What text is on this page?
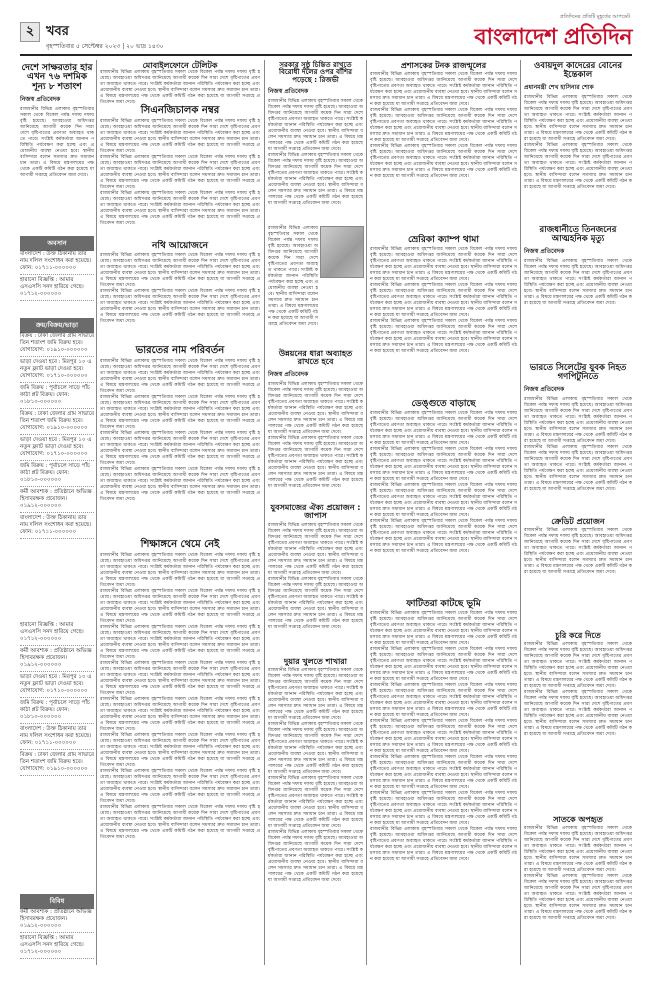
২ খবর
বৃহস্পতিবার ৫ সেপ্টেম্বর ২০২৩ | ২০ ভাদ্র ১৪৩০
প্রতিদিনের প্রতিটি মুহূর্তের আপডেট
বাংলাদেশ প্রতিদিন
দেশে সাক্ষরতার হার এখন ৭৬ দশমিক শূন্য ৮ শতাংশ
নিজস্ব প্রতিবেদক
রাজধানীর বিভিন্ন এলাকায় বৃহস্পতিবার সকাল থেকে বিকেল পর্যন্ত দফায় দফায় বৃষ্টি হয়েছে। আবহাওয়া অধিদপ্তর জানিয়েছে আগামী কয়েক দিন সারা দেশে বৃষ্টিপাতের প্রবণতা অব্যাহত থাকতে পারে। সংশ্লিষ্ট কর্মকর্তারা জানান পরিস্থিতি পর্যবেক্ষণ করা হচ্ছে এবং প্রয়োজনীয় ব্যবস্থা নেওয়া হবে। স্থানীয় বাসিন্দারা বলেন সমস্যার দ্রুত সমাধান চান তারা। এ বিষয়ে মন্ত্রণালয়ের পক্ষ থেকে একটি কমিটি গঠন করা হয়েছে যা আগামী সপ্তাহে প্রতিবেদন জমা দেবে।
অবসান
বাংলাদেশ : উক্ত ঠিকানায় তার নাম দলিল সংশোধন করা হয়েছে। ফোন: ০১৭১১-০০০০০০
হারানো বিজ্ঞপ্তি : আমার এসএসসি সনদ হারিয়ে গেছে। ০১৭১২-০০০০০০
ক্রয়/বিক্রয়/ভাড়া
বিক্রয় : ঢাকা জেলার গ্রাম সাভারে তিন শতাংশ জমি বিক্রয় হবে। যোগাযোগ: ০১৯১০-০০০০০০
ভাড়া দেওয়া হবে : মিরপুর ১০ এ নতুন ফ্ল্যাট ভাড়া দেওয়া হবে। যোগাযোগ: ০১৭১০-০০০০০০
জমি বিক্রয় : পূর্বাচলে সাড়ে পাঁচ কাঠা প্লট বিক্রয়। ফোন: ০১৮১০-০০০০০০
বিক্রয় : ঢাকা জেলার গ্রাম সাভারে তিন শতাংশ জমি বিক্রয় হবে। যোগাযোগ: ০১৯১০-০০০০০০
ভাড়া দেওয়া হবে : মিরপুর ১০ এ নতুন ফ্ল্যাট ভাড়া দেওয়া হবে। যোগাযোগ: ০১৭১০-০০০০০০
জমি বিক্রয় : পূর্বাচলে সাড়ে পাঁচ কাঠা প্লট বিক্রয়। ফোন: ০১৮১০-০০০০০০
কর্মী আবশ্যক : প্রতিষ্ঠানে অভিজ্ঞ হিসাবরক্ষক প্রয়োজন। ০১৯১২-০০০০০০
বাংলাদেশ : উক্ত ঠিকানায় তার নাম দলিল সংশোধন করা হয়েছে। ফোন: ০১৭১১-০০০০০০
হারানো বিজ্ঞপ্তি : আমার এসএসসি সনদ হারিয়ে গেছে। ০১৭১২-০০০০০০
কর্মী আবশ্যক : প্রতিষ্ঠানে অভিজ্ঞ হিসাবরক্ষক প্রয়োজন। ০১৯১২-০০০০০০
ভাড়া দেওয়া হবে : মিরপুর ১০ এ নতুন ফ্ল্যাট ভাড়া দেওয়া হবে। যোগাযোগ: ০১৭১০-০০০০০০
জমি বিক্রয় : পূর্বাচলে সাড়ে পাঁচ কাঠা প্লট বিক্রয়। ফোন: ০১৮১০-০০০০০০
বাংলাদেশ : উক্ত ঠিকানায় তার নাম দলিল সংশোধন করা হয়েছে। ফোন: ০১৭১১-০০০০০০
বিক্রয় : ঢাকা জেলার গ্রাম সাভারে তিন শতাংশ জমি বিক্রয় হবে। যোগাযোগ: ০১৯১০-০০০০০০
বিবিধ
কর্মী আবশ্যক : প্রতিষ্ঠানে অভিজ্ঞ হিসাবরক্ষক প্রয়োজন। ০১৯১২-০০০০০০
হারানো বিজ্ঞপ্তি : আমার এসএসসি সনদ হারিয়ে গেছে। ০১৭১২-০০০০০০
মোবাইলফোনে টেলিটক
রাজধানীর বিভিন্ন এলাকায় বৃহস্পতিবার সকাল থেকে বিকেল পর্যন্ত দফায় দফায় বৃষ্টি হয়েছে। আবহাওয়া অধিদপ্তর জানিয়েছে আগামী কয়েক দিন সারা দেশে বৃষ্টিপাতের প্রবণতা অব্যাহত থাকতে পারে। সংশ্লিষ্ট কর্মকর্তারা জানান পরিস্থিতি পর্যবেক্ষণ করা হচ্ছে এবং প্রয়োজনীয় ব্যবস্থা নেওয়া হবে। স্থানীয় বাসিন্দারা বলেন সমস্যার দ্রুত সমাধান চান তারা। এ বিষয়ে মন্ত্রণালয়ের পক্ষ থেকে একটি কমিটি গঠন করা হয়েছে যা আগামী সপ্তাহে প্রতিবেদন জমা দেবে।
সিএনজিচালক নম্বর
রাজধানীর বিভিন্ন এলাকায় বৃহস্পতিবার সকাল থেকে বিকেল পর্যন্ত দফায় দফায় বৃষ্টি হয়েছে। আবহাওয়া অধিদপ্তর জানিয়েছে আগামী কয়েক দিন সারা দেশে বৃষ্টিপাতের প্রবণতা অব্যাহত থাকতে পারে। সংশ্লিষ্ট কর্মকর্তারা জানান পরিস্থিতি পর্যবেক্ষণ করা হচ্ছে এবং প্রয়োজনীয় ব্যবস্থা নেওয়া হবে। স্থানীয় বাসিন্দারা বলেন সমস্যার দ্রুত সমাধান চান তারা। এ বিষয়ে মন্ত্রণালয়ের পক্ষ থেকে একটি কমিটি গঠন করা হয়েছে যা আগামী সপ্তাহে প্রতিবেদন জমা দেবে।
রাজধানীর বিভিন্ন এলাকায় বৃহস্পতিবার সকাল থেকে বিকেল পর্যন্ত দফায় দফায় বৃষ্টি হয়েছে। আবহাওয়া অধিদপ্তর জানিয়েছে আগামী কয়েক দিন সারা দেশে বৃষ্টিপাতের প্রবণতা অব্যাহত থাকতে পারে। সংশ্লিষ্ট কর্মকর্তারা জানান পরিস্থিতি পর্যবেক্ষণ করা হচ্ছে এবং প্রয়োজনীয় ব্যবস্থা নেওয়া হবে। স্থানীয় বাসিন্দারা বলেন সমস্যার দ্রুত সমাধান চান তারা। এ বিষয়ে মন্ত্রণালয়ের পক্ষ থেকে একটি কমিটি গঠন করা হয়েছে যা আগামী সপ্তাহে প্রতিবেদন জমা দেবে।
রাজধানীর বিভিন্ন এলাকায় বৃহস্পতিবার সকাল থেকে বিকেল পর্যন্ত দফায় দফায় বৃষ্টি হয়েছে। আবহাওয়া অধিদপ্তর জানিয়েছে আগামী কয়েক দিন সারা দেশে বৃষ্টিপাতের প্রবণতা অব্যাহত থাকতে পারে। সংশ্লিষ্ট কর্মকর্তারা জানান পরিস্থিতি পর্যবেক্ষণ করা হচ্ছে এবং প্রয়োজনীয় ব্যবস্থা নেওয়া হবে। স্থানীয় বাসিন্দারা বলেন সমস্যার দ্রুত সমাধান চান তারা। এ বিষয়ে মন্ত্রণালয়ের পক্ষ থেকে একটি কমিটি গঠন করা হয়েছে যা আগামী সপ্তাহে প্রতিবেদন জমা দেবে।
নথি আয়োজনে
রাজধানীর বিভিন্ন এলাকায় বৃহস্পতিবার সকাল থেকে বিকেল পর্যন্ত দফায় দফায় বৃষ্টি হয়েছে। আবহাওয়া অধিদপ্তর জানিয়েছে আগামী কয়েক দিন সারা দেশে বৃষ্টিপাতের প্রবণতা অব্যাহত থাকতে পারে। সংশ্লিষ্ট কর্মকর্তারা জানান পরিস্থিতি পর্যবেক্ষণ করা হচ্ছে এবং প্রয়োজনীয় ব্যবস্থা নেওয়া হবে। স্থানীয় বাসিন্দারা বলেন সমস্যার দ্রুত সমাধান চান তারা। এ বিষয়ে মন্ত্রণালয়ের পক্ষ থেকে একটি কমিটি গঠন করা হয়েছে যা আগামী সপ্তাহে প্রতিবেদন জমা দেবে।
রাজধানীর বিভিন্ন এলাকায় বৃহস্পতিবার সকাল থেকে বিকেল পর্যন্ত দফায় দফায় বৃষ্টি হয়েছে। আবহাওয়া অধিদপ্তর জানিয়েছে আগামী কয়েক দিন সারা দেশে বৃষ্টিপাতের প্রবণতা অব্যাহত থাকতে পারে। সংশ্লিষ্ট কর্মকর্তারা জানান পরিস্থিতি পর্যবেক্ষণ করা হচ্ছে এবং প্রয়োজনীয় ব্যবস্থা নেওয়া হবে। স্থানীয় বাসিন্দারা বলেন সমস্যার দ্রুত সমাধান চান তারা। এ বিষয়ে মন্ত্রণালয়ের পক্ষ থেকে একটি কমিটি গঠন করা হয়েছে যা আগামী সপ্তাহে প্রতিবেদন জমা দেবে।
ভারতের নাম পরিবর্তন
রাজধানীর বিভিন্ন এলাকায় বৃহস্পতিবার সকাল থেকে বিকেল পর্যন্ত দফায় দফায় বৃষ্টি হয়েছে। আবহাওয়া অধিদপ্তর জানিয়েছে আগামী কয়েক দিন সারা দেশে বৃষ্টিপাতের প্রবণতা অব্যাহত থাকতে পারে। সংশ্লিষ্ট কর্মকর্তারা জানান পরিস্থিতি পর্যবেক্ষণ করা হচ্ছে এবং প্রয়োজনীয় ব্যবস্থা নেওয়া হবে। স্থানীয় বাসিন্দারা বলেন সমস্যার দ্রুত সমাধান চান তারা। এ বিষয়ে মন্ত্রণালয়ের পক্ষ থেকে একটি কমিটি গঠন করা হয়েছে যা আগামী সপ্তাহে প্রতিবেদন জমা দেবে।
রাজধানীর বিভিন্ন এলাকায় বৃহস্পতিবার সকাল থেকে বিকেল পর্যন্ত দফায় দফায় বৃষ্টি হয়েছে। আবহাওয়া অধিদপ্তর জানিয়েছে আগামী কয়েক দিন সারা দেশে বৃষ্টিপাতের প্রবণতা অব্যাহত থাকতে পারে। সংশ্লিষ্ট কর্মকর্তারা জানান পরিস্থিতি পর্যবেক্ষণ করা হচ্ছে এবং প্রয়োজনীয় ব্যবস্থা নেওয়া হবে। স্থানীয় বাসিন্দারা বলেন সমস্যার দ্রুত সমাধান চান তারা। এ বিষয়ে মন্ত্রণালয়ের পক্ষ থেকে একটি কমিটি গঠন করা হয়েছে যা আগামী সপ্তাহে প্রতিবেদন জমা দেবে।
রাজধানীর বিভিন্ন এলাকায় বৃহস্পতিবার সকাল থেকে বিকেল পর্যন্ত দফায় দফায় বৃষ্টি হয়েছে। আবহাওয়া অধিদপ্তর জানিয়েছে আগামী কয়েক দিন সারা দেশে বৃষ্টিপাতের প্রবণতা অব্যাহত থাকতে পারে। সংশ্লিষ্ট কর্মকর্তারা জানান পরিস্থিতি পর্যবেক্ষণ করা হচ্ছে এবং প্রয়োজনীয় ব্যবস্থা নেওয়া হবে। স্থানীয় বাসিন্দারা বলেন সমস্যার দ্রুত সমাধান চান তারা। এ বিষয়ে মন্ত্রণালয়ের পক্ষ থেকে একটি কমিটি গঠন করা হয়েছে যা আগামী সপ্তাহে প্রতিবেদন জমা দেবে।
রাজধানীর বিভিন্ন এলাকায় বৃহস্পতিবার সকাল থেকে বিকেল পর্যন্ত দফায় দফায় বৃষ্টি হয়েছে। আবহাওয়া অধিদপ্তর জানিয়েছে আগামী কয়েক দিন সারা দেশে বৃষ্টিপাতের প্রবণতা অব্যাহত থাকতে পারে। সংশ্লিষ্ট কর্মকর্তারা জানান পরিস্থিতি পর্যবেক্ষণ করা হচ্ছে এবং প্রয়োজনীয় ব্যবস্থা নেওয়া হবে। স্থানীয় বাসিন্দারা বলেন সমস্যার দ্রুত সমাধান চান তারা। এ বিষয়ে মন্ত্রণালয়ের পক্ষ থেকে একটি কমিটি গঠন করা হয়েছে যা আগামী সপ্তাহে প্রতিবেদন জমা দেবে।
শিক্ষাঙ্গনে থেমে নেই
রাজধানীর বিভিন্ন এলাকায় বৃহস্পতিবার সকাল থেকে বিকেল পর্যন্ত দফায় দফায় বৃষ্টি হয়েছে। আবহাওয়া অধিদপ্তর জানিয়েছে আগামী কয়েক দিন সারা দেশে বৃষ্টিপাতের প্রবণতা অব্যাহত থাকতে পারে। সংশ্লিষ্ট কর্মকর্তারা জানান পরিস্থিতি পর্যবেক্ষণ করা হচ্ছে এবং প্রয়োজনীয় ব্যবস্থা নেওয়া হবে। স্থানীয় বাসিন্দারা বলেন সমস্যার দ্রুত সমাধান চান তারা। এ বিষয়ে মন্ত্রণালয়ের পক্ষ থেকে একটি কমিটি গঠন করা হয়েছে যা আগামী সপ্তাহে প্রতিবেদন জমা দেবে।
রাজধানীর বিভিন্ন এলাকায় বৃহস্পতিবার সকাল থেকে বিকেল পর্যন্ত দফায় দফায় বৃষ্টি হয়েছে। আবহাওয়া অধিদপ্তর জানিয়েছে আগামী কয়েক দিন সারা দেশে বৃষ্টিপাতের প্রবণতা অব্যাহত থাকতে পারে। সংশ্লিষ্ট কর্মকর্তারা জানান পরিস্থিতি পর্যবেক্ষণ করা হচ্ছে এবং প্রয়োজনীয় ব্যবস্থা নেওয়া হবে। স্থানীয় বাসিন্দারা বলেন সমস্যার দ্রুত সমাধান চান তারা। এ বিষয়ে মন্ত্রণালয়ের পক্ষ থেকে একটি কমিটি গঠন করা হয়েছে যা আগামী সপ্তাহে প্রতিবেদন জমা দেবে।
রাজধানীর বিভিন্ন এলাকায় বৃহস্পতিবার সকাল থেকে বিকেল পর্যন্ত দফায় দফায় বৃষ্টি হয়েছে। আবহাওয়া অধিদপ্তর জানিয়েছে আগামী কয়েক দিন সারা দেশে বৃষ্টিপাতের প্রবণতা অব্যাহত থাকতে পারে। সংশ্লিষ্ট কর্মকর্তারা জানান পরিস্থিতি পর্যবেক্ষণ করা হচ্ছে এবং প্রয়োজনীয় ব্যবস্থা নেওয়া হবে। স্থানীয় বাসিন্দারা বলেন সমস্যার দ্রুত সমাধান চান তারা। এ বিষয়ে মন্ত্রণালয়ের পক্ষ থেকে একটি কমিটি গঠন করা হয়েছে যা আগামী সপ্তাহে প্রতিবেদন জমা দেবে।
রাজধানীর বিভিন্ন এলাকায় বৃহস্পতিবার সকাল থেকে বিকেল পর্যন্ত দফায় দফায় বৃষ্টি হয়েছে। আবহাওয়া অধিদপ্তর জানিয়েছে আগামী কয়েক দিন সারা দেশে বৃষ্টিপাতের প্রবণতা অব্যাহত থাকতে পারে। সংশ্লিষ্ট কর্মকর্তারা জানান পরিস্থিতি পর্যবেক্ষণ করা হচ্ছে এবং প্রয়োজনীয় ব্যবস্থা নেওয়া হবে। স্থানীয় বাসিন্দারা বলেন সমস্যার দ্রুত সমাধান চান তারা। এ বিষয়ে মন্ত্রণালয়ের পক্ষ থেকে একটি কমিটি গঠন করা হয়েছে যা আগামী সপ্তাহে প্রতিবেদন জমা দেবে।
রাজধানীর বিভিন্ন এলাকায় বৃহস্পতিবার সকাল থেকে বিকেল পর্যন্ত দফায় দফায় বৃষ্টি হয়েছে। আবহাওয়া অধিদপ্তর জানিয়েছে আগামী কয়েক দিন সারা দেশে বৃষ্টিপাতের প্রবণতা অব্যাহত থাকতে পারে। সংশ্লিষ্ট কর্মকর্তারা জানান পরিস্থিতি পর্যবেক্ষণ করা হচ্ছে এবং প্রয়োজনীয় ব্যবস্থা নেওয়া হবে। স্থানীয় বাসিন্দারা বলেন সমস্যার দ্রুত সমাধান চান তারা। এ বিষয়ে মন্ত্রণালয়ের পক্ষ থেকে একটি কমিটি গঠন করা হয়েছে যা আগামী সপ্তাহে প্রতিবেদন জমা দেবে।
রাজধানীর বিভিন্ন এলাকায় বৃহস্পতিবার সকাল থেকে বিকেল পর্যন্ত দফায় দফায় বৃষ্টি হয়েছে। আবহাওয়া অধিদপ্তর জানিয়েছে আগামী কয়েক দিন সারা দেশে বৃষ্টিপাতের প্রবণতা অব্যাহত থাকতে পারে। সংশ্লিষ্ট কর্মকর্তারা জানান পরিস্থিতি পর্যবেক্ষণ করা হচ্ছে এবং প্রয়োজনীয় ব্যবস্থা নেওয়া হবে। স্থানীয় বাসিন্দারা বলেন সমস্যার দ্রুত সমাধান চান তারা। এ বিষয়ে মন্ত্রণালয়ের পক্ষ থেকে একটি কমিটি গঠন করা হয়েছে যা আগামী সপ্তাহে প্রতিবেদন জমা দেবে।
রাজধানীর বিভিন্ন এলাকায় বৃহস্পতিবার সকাল থেকে বিকেল পর্যন্ত দফায় দফায় বৃষ্টি হয়েছে। আবহাওয়া অধিদপ্তর জানিয়েছে আগামী কয়েক দিন সারা দেশে বৃষ্টিপাতের প্রবণতা অব্যাহত থাকতে পারে। সংশ্লিষ্ট কর্মকর্তারা জানান পরিস্থিতি পর্যবেক্ষণ করা হচ্ছে এবং প্রয়োজনীয় ব্যবস্থা নেওয়া হবে। স্থানীয় বাসিন্দারা বলেন সমস্যার দ্রুত সমাধান চান তারা। এ বিষয়ে মন্ত্রণালয়ের পক্ষ থেকে একটি কমিটি গঠন করা হয়েছে যা আগামী সপ্তাহে প্রতিবেদন জমা দেবে।
রাজধানীর বিভিন্ন এলাকায় বৃহস্পতিবার সকাল থেকে বিকেল পর্যন্ত দফায় দফায় বৃষ্টি হয়েছে। আবহাওয়া অধিদপ্তর জানিয়েছে আগামী কয়েক দিন সারা দেশে বৃষ্টিপাতের প্রবণতা অব্যাহত থাকতে পারে। সংশ্লিষ্ট কর্মকর্তারা জানান পরিস্থিতি পর্যবেক্ষণ করা হচ্ছে এবং প্রয়োজনীয় ব্যবস্থা নেওয়া হবে। স্থানীয় বাসিন্দারা বলেন সমস্যার দ্রুত সমাধান চান তারা। এ বিষয়ে মন্ত্রণালয়ের পক্ষ থেকে একটি কমিটি গঠন করা হয়েছে যা আগামী সপ্তাহে প্রতিবেদন জমা দেবে।
সরকার সুষ্ঠু চিন্তিত রাখতে বিরোধী দলের ওপর বাঁশির পড়েছে : রিজভী
নিজস্ব প্রতিবেদক
রাজধানীর বিভিন্ন এলাকায় বৃহস্পতিবার সকাল থেকে বিকেল পর্যন্ত দফায় দফায় বৃষ্টি হয়েছে। আবহাওয়া অধিদপ্তর জানিয়েছে আগামী কয়েক দিন সারা দেশে বৃষ্টিপাতের প্রবণতা অব্যাহত থাকতে পারে। সংশ্লিষ্ট কর্মকর্তারা জানান পরিস্থিতি পর্যবেক্ষণ করা হচ্ছে এবং প্রয়োজনীয় ব্যবস্থা নেওয়া হবে। স্থানীয় বাসিন্দারা বলেন সমস্যার দ্রুত সমাধান চান তারা। এ বিষয়ে মন্ত্রণালয়ের পক্ষ থেকে একটি কমিটি গঠন করা হয়েছে যা আগামী সপ্তাহে প্রতিবেদন জমা দেবে।
রাজধানীর বিভিন্ন এলাকায় বৃহস্পতিবার সকাল থেকে বিকেল পর্যন্ত দফায় দফায় বৃষ্টি হয়েছে। আবহাওয়া অধিদপ্তর জানিয়েছে আগামী কয়েক দিন সারা দেশে বৃষ্টিপাতের প্রবণতা অব্যাহত থাকতে পারে। সংশ্লিষ্ট কর্মকর্তারা জানান পরিস্থিতি পর্যবেক্ষণ করা হচ্ছে এবং প্রয়োজনীয় ব্যবস্থা নেওয়া হবে। স্থানীয় বাসিন্দারা বলেন সমস্যার দ্রুত সমাধান চান তারা। এ বিষয়ে মন্ত্রণালয়ের পক্ষ থেকে একটি কমিটি গঠন করা হয়েছে যা আগামী সপ্তাহে প্রতিবেদন জমা দেবে।
রাজধানীর বিভিন্ন এলাকায় বৃহস্পতিবার সকাল থেকে বিকেল পর্যন্ত দফায় দফায় বৃষ্টি হয়েছে। আবহাওয়া অধিদপ্তর জানিয়েছে আগামী কয়েক দিন সারা দেশে বৃষ্টিপাতের প্রবণতা অব্যাহত থাকতে পারে। সংশ্লিষ্ট কর্মকর্তারা জানান পরিস্থিতি পর্যবেক্ষণ করা হচ্ছে এবং প্রয়োজনীয় ব্যবস্থা নেওয়া হবে। স্থানীয় বাসিন্দারা বলেন সমস্যার দ্রুত সমাধান চান তারা। এ বিষয়ে মন্ত্রণালয়ের পক্ষ থেকে একটি কমিটি গঠন করা হয়েছে যা আগামী সপ্তাহে প্রতিবেদন জমা দেবে।
উন্নয়নের ধারা অব্যাহত রাখতে হবে
নিজস্ব প্রতিবেদক
রাজধানীর বিভিন্ন এলাকায় বৃহস্পতিবার সকাল থেকে বিকেল পর্যন্ত দফায় দফায় বৃষ্টি হয়েছে। আবহাওয়া অধিদপ্তর জানিয়েছে আগামী কয়েক দিন সারা দেশে বৃষ্টিপাতের প্রবণতা অব্যাহত থাকতে পারে। সংশ্লিষ্ট কর্মকর্তারা জানান পরিস্থিতি পর্যবেক্ষণ করা হচ্ছে এবং প্রয়োজনীয় ব্যবস্থা নেওয়া হবে। স্থানীয় বাসিন্দারা বলেন সমস্যার দ্রুত সমাধান চান তারা। এ বিষয়ে মন্ত্রণালয়ের পক্ষ থেকে একটি কমিটি গঠন করা হয়েছে যা আগামী সপ্তাহে প্রতিবেদন জমা দেবে।
রাজধানীর বিভিন্ন এলাকায় বৃহস্পতিবার সকাল থেকে বিকেল পর্যন্ত দফায় দফায় বৃষ্টি হয়েছে। আবহাওয়া অধিদপ্তর জানিয়েছে আগামী কয়েক দিন সারা দেশে বৃষ্টিপাতের প্রবণতা অব্যাহত থাকতে পারে। সংশ্লিষ্ট কর্মকর্তারা জানান পরিস্থিতি পর্যবেক্ষণ করা হচ্ছে এবং প্রয়োজনীয় ব্যবস্থা নেওয়া হবে। স্থানীয় বাসিন্দারা বলেন সমস্যার দ্রুত সমাধান চান তারা। এ বিষয়ে মন্ত্রণালয়ের পক্ষ থেকে একটি কমিটি গঠন করা হয়েছে যা আগামী সপ্তাহে প্রতিবেদন জমা দেবে।
যুবসমাজের ঐক্য প্রয়োজন : জাপাস
রাজধানীর বিভিন্ন এলাকায় বৃহস্পতিবার সকাল থেকে বিকেল পর্যন্ত দফায় দফায় বৃষ্টি হয়েছে। আবহাওয়া অধিদপ্তর জানিয়েছে আগামী কয়েক দিন সারা দেশে বৃষ্টিপাতের প্রবণতা অব্যাহত থাকতে পারে। সংশ্লিষ্ট কর্মকর্তারা জানান পরিস্থিতি পর্যবেক্ষণ করা হচ্ছে এবং প্রয়োজনীয় ব্যবস্থা নেওয়া হবে। স্থানীয় বাসিন্দারা বলেন সমস্যার দ্রুত সমাধান চান তারা। এ বিষয়ে মন্ত্রণালয়ের পক্ষ থেকে একটি কমিটি গঠন করা হয়েছে যা আগামী সপ্তাহে প্রতিবেদন জমা দেবে।
রাজধানীর বিভিন্ন এলাকায় বৃহস্পতিবার সকাল থেকে বিকেল পর্যন্ত দফায় দফায় বৃষ্টি হয়েছে। আবহাওয়া অধিদপ্তর জানিয়েছে আগামী কয়েক দিন সারা দেশে বৃষ্টিপাতের প্রবণতা অব্যাহত থাকতে পারে। সংশ্লিষ্ট কর্মকর্তারা জানান পরিস্থিতি পর্যবেক্ষণ করা হচ্ছে এবং প্রয়োজনীয় ব্যবস্থা নেওয়া হবে। স্থানীয় বাসিন্দারা বলেন সমস্যার দ্রুত সমাধান চান তারা। এ বিষয়ে মন্ত্রণালয়ের পক্ষ থেকে একটি কমিটি গঠন করা হয়েছে যা আগামী সপ্তাহে প্রতিবেদন জমা দেবে।
দুয়ার খুলতে শাখারা
রাজধানীর বিভিন্ন এলাকায় বৃহস্পতিবার সকাল থেকে বিকেল পর্যন্ত দফায় দফায় বৃষ্টি হয়েছে। আবহাওয়া অধিদপ্তর জানিয়েছে আগামী কয়েক দিন সারা দেশে বৃষ্টিপাতের প্রবণতা অব্যাহত থাকতে পারে। সংশ্লিষ্ট কর্মকর্তারা জানান পরিস্থিতি পর্যবেক্ষণ করা হচ্ছে এবং প্রয়োজনীয় ব্যবস্থা নেওয়া হবে। স্থানীয় বাসিন্দারা বলেন সমস্যার দ্রুত সমাধান চান তারা। এ বিষয়ে মন্ত্রণালয়ের পক্ষ থেকে একটি কমিটি গঠন করা হয়েছে যা আগামী সপ্তাহে প্রতিবেদন জমা দেবে।
রাজধানীর বিভিন্ন এলাকায় বৃহস্পতিবার সকাল থেকে বিকেল পর্যন্ত দফায় দফায় বৃষ্টি হয়েছে। আবহাওয়া অধিদপ্তর জানিয়েছে আগামী কয়েক দিন সারা দেশে বৃষ্টিপাতের প্রবণতা অব্যাহত থাকতে পারে। সংশ্লিষ্ট কর্মকর্তারা জানান পরিস্থিতি পর্যবেক্ষণ করা হচ্ছে এবং প্রয়োজনীয় ব্যবস্থা নেওয়া হবে। স্থানীয় বাসিন্দারা বলেন সমস্যার দ্রুত সমাধান চান তারা। এ বিষয়ে মন্ত্রণালয়ের পক্ষ থেকে একটি কমিটি গঠন করা হয়েছে যা আগামী সপ্তাহে প্রতিবেদন জমা দেবে।
রাজধানীর বিভিন্ন এলাকায় বৃহস্পতিবার সকাল থেকে বিকেল পর্যন্ত দফায় দফায় বৃষ্টি হয়েছে। আবহাওয়া অধিদপ্তর জানিয়েছে আগামী কয়েক দিন সারা দেশে বৃষ্টিপাতের প্রবণতা অব্যাহত থাকতে পারে। সংশ্লিষ্ট কর্মকর্তারা জানান পরিস্থিতি পর্যবেক্ষণ করা হচ্ছে এবং প্রয়োজনীয় ব্যবস্থা নেওয়া হবে। স্থানীয় বাসিন্দারা বলেন সমস্যার দ্রুত সমাধান চান তারা। এ বিষয়ে মন্ত্রণালয়ের পক্ষ থেকে একটি কমিটি গঠন করা হয়েছে যা আগামী সপ্তাহে প্রতিবেদন জমা দেবে।
রাজধানীর বিভিন্ন এলাকায় বৃহস্পতিবার সকাল থেকে বিকেল পর্যন্ত দফায় দফায় বৃষ্টি হয়েছে। আবহাওয়া অধিদপ্তর জানিয়েছে আগামী কয়েক দিন সারা দেশে বৃষ্টিপাতের প্রবণতা অব্যাহত থাকতে পারে। সংশ্লিষ্ট কর্মকর্তারা জানান পরিস্থিতি পর্যবেক্ষণ করা হচ্ছে এবং প্রয়োজনীয় ব্যবস্থা নেওয়া হবে। স্থানীয় বাসিন্দারা বলেন সমস্যার দ্রুত সমাধান চান তারা। এ বিষয়ে মন্ত্রণালয়ের পক্ষ থেকে একটি কমিটি গঠন করা হয়েছে যা আগামী সপ্তাহে প্রতিবেদন জমা দেবে।
প্রশাসকের টনক রাজন্মূলের
রাজধানীর বিভিন্ন এলাকায় বৃহস্পতিবার সকাল থেকে বিকেল পর্যন্ত দফায় দফায় বৃষ্টি হয়েছে। আবহাওয়া অধিদপ্তর জানিয়েছে আগামী কয়েক দিন সারা দেশে বৃষ্টিপাতের প্রবণতা অব্যাহত থাকতে পারে। সংশ্লিষ্ট কর্মকর্তারা জানান পরিস্থিতি পর্যবেক্ষণ করা হচ্ছে এবং প্রয়োজনীয় ব্যবস্থা নেওয়া হবে। স্থানীয় বাসিন্দারা বলেন সমস্যার দ্রুত সমাধান চান তারা। এ বিষয়ে মন্ত্রণালয়ের পক্ষ থেকে একটি কমিটি গঠন করা হয়েছে যা আগামী সপ্তাহে প্রতিবেদন জমা দেবে।
রাজধানীর বিভিন্ন এলাকায় বৃহস্পতিবার সকাল থেকে বিকেল পর্যন্ত দফায় দফায় বৃষ্টি হয়েছে। আবহাওয়া অধিদপ্তর জানিয়েছে আগামী কয়েক দিন সারা দেশে বৃষ্টিপাতের প্রবণতা অব্যাহত থাকতে পারে। সংশ্লিষ্ট কর্মকর্তারা জানান পরিস্থিতি পর্যবেক্ষণ করা হচ্ছে এবং প্রয়োজনীয় ব্যবস্থা নেওয়া হবে। স্থানীয় বাসিন্দারা বলেন সমস্যার দ্রুত সমাধান চান তারা। এ বিষয়ে মন্ত্রণালয়ের পক্ষ থেকে একটি কমিটি গঠন করা হয়েছে যা আগামী সপ্তাহে প্রতিবেদন জমা দেবে।
রাজধানীর বিভিন্ন এলাকায় বৃহস্পতিবার সকাল থেকে বিকেল পর্যন্ত দফায় দফায় বৃষ্টি হয়েছে। আবহাওয়া অধিদপ্তর জানিয়েছে আগামী কয়েক দিন সারা দেশে বৃষ্টিপাতের প্রবণতা অব্যাহত থাকতে পারে। সংশ্লিষ্ট কর্মকর্তারা জানান পরিস্থিতি পর্যবেক্ষণ করা হচ্ছে এবং প্রয়োজনীয় ব্যবস্থা নেওয়া হবে। স্থানীয় বাসিন্দারা বলেন সমস্যার দ্রুত সমাধান চান তারা। এ বিষয়ে মন্ত্রণালয়ের পক্ষ থেকে একটি কমিটি গঠন করা হয়েছে যা আগামী সপ্তাহে প্রতিবেদন জমা দেবে।
ভ্রেরিকা ক্যাম্প থামা
রাজধানীর বিভিন্ন এলাকায় বৃহস্পতিবার সকাল থেকে বিকেল পর্যন্ত দফায় দফায় বৃষ্টি হয়েছে। আবহাওয়া অধিদপ্তর জানিয়েছে আগামী কয়েক দিন সারা দেশে বৃষ্টিপাতের প্রবণতা অব্যাহত থাকতে পারে। সংশ্লিষ্ট কর্মকর্তারা জানান পরিস্থিতি পর্যবেক্ষণ করা হচ্ছে এবং প্রয়োজনীয় ব্যবস্থা নেওয়া হবে। স্থানীয় বাসিন্দারা বলেন সমস্যার দ্রুত সমাধান চান তারা। এ বিষয়ে মন্ত্রণালয়ের পক্ষ থেকে একটি কমিটি গঠন করা হয়েছে যা আগামী সপ্তাহে প্রতিবেদন জমা দেবে।
রাজধানীর বিভিন্ন এলাকায় বৃহস্পতিবার সকাল থেকে বিকেল পর্যন্ত দফায় দফায় বৃষ্টি হয়েছে। আবহাওয়া অধিদপ্তর জানিয়েছে আগামী কয়েক দিন সারা দেশে বৃষ্টিপাতের প্রবণতা অব্যাহত থাকতে পারে। সংশ্লিষ্ট কর্মকর্তারা জানান পরিস্থিতি পর্যবেক্ষণ করা হচ্ছে এবং প্রয়োজনীয় ব্যবস্থা নেওয়া হবে। স্থানীয় বাসিন্দারা বলেন সমস্যার দ্রুত সমাধান চান তারা। এ বিষয়ে মন্ত্রণালয়ের পক্ষ থেকে একটি কমিটি গঠন করা হয়েছে যা আগামী সপ্তাহে প্রতিবেদন জমা দেবে।
রাজধানীর বিভিন্ন এলাকায় বৃহস্পতিবার সকাল থেকে বিকেল পর্যন্ত দফায় দফায় বৃষ্টি হয়েছে। আবহাওয়া অধিদপ্তর জানিয়েছে আগামী কয়েক দিন সারা দেশে বৃষ্টিপাতের প্রবণতা অব্যাহত থাকতে পারে। সংশ্লিষ্ট কর্মকর্তারা জানান পরিস্থিতি পর্যবেক্ষণ করা হচ্ছে এবং প্রয়োজনীয় ব্যবস্থা নেওয়া হবে। স্থানীয় বাসিন্দারা বলেন সমস্যার দ্রুত সমাধান চান তারা। এ বিষয়ে মন্ত্রণালয়ের পক্ষ থেকে একটি কমিটি গঠন করা হয়েছে যা আগামী সপ্তাহে প্রতিবেদন জমা দেবে।
ডেঙ্গুতে বাড়াছে
রাজধানীর বিভিন্ন এলাকায় বৃহস্পতিবার সকাল থেকে বিকেল পর্যন্ত দফায় দফায় বৃষ্টি হয়েছে। আবহাওয়া অধিদপ্তর জানিয়েছে আগামী কয়েক দিন সারা দেশে বৃষ্টিপাতের প্রবণতা অব্যাহত থাকতে পারে। সংশ্লিষ্ট কর্মকর্তারা জানান পরিস্থিতি পর্যবেক্ষণ করা হচ্ছে এবং প্রয়োজনীয় ব্যবস্থা নেওয়া হবে। স্থানীয় বাসিন্দারা বলেন সমস্যার দ্রুত সমাধান চান তারা। এ বিষয়ে মন্ত্রণালয়ের পক্ষ থেকে একটি কমিটি গঠন করা হয়েছে যা আগামী সপ্তাহে প্রতিবেদন জমা দেবে।
রাজধানীর বিভিন্ন এলাকায় বৃহস্পতিবার সকাল থেকে বিকেল পর্যন্ত দফায় দফায় বৃষ্টি হয়েছে। আবহাওয়া অধিদপ্তর জানিয়েছে আগামী কয়েক দিন সারা দেশে বৃষ্টিপাতের প্রবণতা অব্যাহত থাকতে পারে। সংশ্লিষ্ট কর্মকর্তারা জানান পরিস্থিতি পর্যবেক্ষণ করা হচ্ছে এবং প্রয়োজনীয় ব্যবস্থা নেওয়া হবে। স্থানীয় বাসিন্দারা বলেন সমস্যার দ্রুত সমাধান চান তারা। এ বিষয়ে মন্ত্রণালয়ের পক্ষ থেকে একটি কমিটি গঠন করা হয়েছে যা আগামী সপ্তাহে প্রতিবেদন জমা দেবে।
রাজধানীর বিভিন্ন এলাকায় বৃহস্পতিবার সকাল থেকে বিকেল পর্যন্ত দফায় দফায় বৃষ্টি হয়েছে। আবহাওয়া অধিদপ্তর জানিয়েছে আগামী কয়েক দিন সারা দেশে বৃষ্টিপাতের প্রবণতা অব্যাহত থাকতে পারে। সংশ্লিষ্ট কর্মকর্তারা জানান পরিস্থিতি পর্যবেক্ষণ করা হচ্ছে এবং প্রয়োজনীয় ব্যবস্থা নেওয়া হবে। স্থানীয় বাসিন্দারা বলেন সমস্যার দ্রুত সমাধান চান তারা। এ বিষয়ে মন্ত্রণালয়ের পক্ষ থেকে একটি কমিটি গঠন করা হয়েছে যা আগামী সপ্তাহে প্রতিবেদন জমা দেবে।
রাজধানীর বিভিন্ন এলাকায় বৃহস্পতিবার সকাল থেকে বিকেল পর্যন্ত দফায় দফায় বৃষ্টি হয়েছে। আবহাওয়া অধিদপ্তর জানিয়েছে আগামী কয়েক দিন সারা দেশে বৃষ্টিপাতের প্রবণতা অব্যাহত থাকতে পারে। সংশ্লিষ্ট কর্মকর্তারা জানান পরিস্থিতি পর্যবেক্ষণ করা হচ্ছে এবং প্রয়োজনীয় ব্যবস্থা নেওয়া হবে। স্থানীয় বাসিন্দারা বলেন সমস্যার দ্রুত সমাধান চান তারা। এ বিষয়ে মন্ত্রণালয়ের পক্ষ থেকে একটি কমিটি গঠন করা হয়েছে যা আগামী সপ্তাহে প্রতিবেদন জমা দেবে।
ফাটিতরা কাটছে ভূমি
রাজধানীর বিভিন্ন এলাকায় বৃহস্পতিবার সকাল থেকে বিকেল পর্যন্ত দফায় দফায় বৃষ্টি হয়েছে। আবহাওয়া অধিদপ্তর জানিয়েছে আগামী কয়েক দিন সারা দেশে বৃষ্টিপাতের প্রবণতা অব্যাহত থাকতে পারে। সংশ্লিষ্ট কর্মকর্তারা জানান পরিস্থিতি পর্যবেক্ষণ করা হচ্ছে এবং প্রয়োজনীয় ব্যবস্থা নেওয়া হবে। স্থানীয় বাসিন্দারা বলেন সমস্যার দ্রুত সমাধান চান তারা। এ বিষয়ে মন্ত্রণালয়ের পক্ষ থেকে একটি কমিটি গঠন করা হয়েছে যা আগামী সপ্তাহে প্রতিবেদন জমা দেবে।
রাজধানীর বিভিন্ন এলাকায় বৃহস্পতিবার সকাল থেকে বিকেল পর্যন্ত দফায় দফায় বৃষ্টি হয়েছে। আবহাওয়া অধিদপ্তর জানিয়েছে আগামী কয়েক দিন সারা দেশে বৃষ্টিপাতের প্রবণতা অব্যাহত থাকতে পারে। সংশ্লিষ্ট কর্মকর্তারা জানান পরিস্থিতি পর্যবেক্ষণ করা হচ্ছে এবং প্রয়োজনীয় ব্যবস্থা নেওয়া হবে। স্থানীয় বাসিন্দারা বলেন সমস্যার দ্রুত সমাধান চান তারা। এ বিষয়ে মন্ত্রণালয়ের পক্ষ থেকে একটি কমিটি গঠন করা হয়েছে যা আগামী সপ্তাহে প্রতিবেদন জমা দেবে।
রাজধানীর বিভিন্ন এলাকায় বৃহস্পতিবার সকাল থেকে বিকেল পর্যন্ত দফায় দফায় বৃষ্টি হয়েছে। আবহাওয়া অধিদপ্তর জানিয়েছে আগামী কয়েক দিন সারা দেশে বৃষ্টিপাতের প্রবণতা অব্যাহত থাকতে পারে। সংশ্লিষ্ট কর্মকর্তারা জানান পরিস্থিতি পর্যবেক্ষণ করা হচ্ছে এবং প্রয়োজনীয় ব্যবস্থা নেওয়া হবে। স্থানীয় বাসিন্দারা বলেন সমস্যার দ্রুত সমাধান চান তারা। এ বিষয়ে মন্ত্রণালয়ের পক্ষ থেকে একটি কমিটি গঠন করা হয়েছে যা আগামী সপ্তাহে প্রতিবেদন জমা দেবে।
রাজধানীর বিভিন্ন এলাকায় বৃহস্পতিবার সকাল থেকে বিকেল পর্যন্ত দফায় দফায় বৃষ্টি হয়েছে। আবহাওয়া অধিদপ্তর জানিয়েছে আগামী কয়েক দিন সারা দেশে বৃষ্টিপাতের প্রবণতা অব্যাহত থাকতে পারে। সংশ্লিষ্ট কর্মকর্তারা জানান পরিস্থিতি পর্যবেক্ষণ করা হচ্ছে এবং প্রয়োজনীয় ব্যবস্থা নেওয়া হবে। স্থানীয় বাসিন্দারা বলেন সমস্যার দ্রুত সমাধান চান তারা। এ বিষয়ে মন্ত্রণালয়ের পক্ষ থেকে একটি কমিটি গঠন করা হয়েছে যা আগামী সপ্তাহে প্রতিবেদন জমা দেবে।
রাজধানীর বিভিন্ন এলাকায় বৃহস্পতিবার সকাল থেকে বিকেল পর্যন্ত দফায় দফায় বৃষ্টি হয়েছে। আবহাওয়া অধিদপ্তর জানিয়েছে আগামী কয়েক দিন সারা দেশে বৃষ্টিপাতের প্রবণতা অব্যাহত থাকতে পারে। সংশ্লিষ্ট কর্মকর্তারা জানান পরিস্থিতি পর্যবেক্ষণ করা হচ্ছে এবং প্রয়োজনীয় ব্যবস্থা নেওয়া হবে। স্থানীয় বাসিন্দারা বলেন সমস্যার দ্রুত সমাধান চান তারা। এ বিষয়ে মন্ত্রণালয়ের পক্ষ থেকে একটি কমিটি গঠন করা হয়েছে যা আগামী সপ্তাহে প্রতিবেদন জমা দেবে।
রাজধানীর বিভিন্ন এলাকায় বৃহস্পতিবার সকাল থেকে বিকেল পর্যন্ত দফায় দফায় বৃষ্টি হয়েছে। আবহাওয়া অধিদপ্তর জানিয়েছে আগামী কয়েক দিন সারা দেশে বৃষ্টিপাতের প্রবণতা অব্যাহত থাকতে পারে। সংশ্লিষ্ট কর্মকর্তারা জানান পরিস্থিতি পর্যবেক্ষণ করা হচ্ছে এবং প্রয়োজনীয় ব্যবস্থা নেওয়া হবে। স্থানীয় বাসিন্দারা বলেন সমস্যার দ্রুত সমাধান চান তারা। এ বিষয়ে মন্ত্রণালয়ের পক্ষ থেকে একটি কমিটি গঠন করা হয়েছে যা আগামী সপ্তাহে প্রতিবেদন জমা দেবে।
রাজধানীর বিভিন্ন এলাকায় বৃহস্পতিবার সকাল থেকে বিকেল পর্যন্ত দফায় দফায় বৃষ্টি হয়েছে। আবহাওয়া অধিদপ্তর জানিয়েছে আগামী কয়েক দিন সারা দেশে বৃষ্টিপাতের প্রবণতা অব্যাহত থাকতে পারে। সংশ্লিষ্ট কর্মকর্তারা জানান পরিস্থিতি পর্যবেক্ষণ করা হচ্ছে এবং প্রয়োজনীয় ব্যবস্থা নেওয়া হবে। স্থানীয় বাসিন্দারা বলেন সমস্যার দ্রুত সমাধান চান তারা। এ বিষয়ে মন্ত্রণালয়ের পক্ষ থেকে একটি কমিটি গঠন করা হয়েছে যা আগামী সপ্তাহে প্রতিবেদন জমা দেবে।
ওবায়দুল কাদেরের বোনের ইন্তেকাল
প্রধানমন্ত্রী শেখ হাসিনার শোক
রাজধানীর বিভিন্ন এলাকায় বৃহস্পতিবার সকাল থেকে বিকেল পর্যন্ত দফায় দফায় বৃষ্টি হয়েছে। আবহাওয়া অধিদপ্তর জানিয়েছে আগামী কয়েক দিন সারা দেশে বৃষ্টিপাতের প্রবণতা অব্যাহত থাকতে পারে। সংশ্লিষ্ট কর্মকর্তারা জানান পরিস্থিতি পর্যবেক্ষণ করা হচ্ছে এবং প্রয়োজনীয় ব্যবস্থা নেওয়া হবে। স্থানীয় বাসিন্দারা বলেন সমস্যার দ্রুত সমাধান চান তারা। এ বিষয়ে মন্ত্রণালয়ের পক্ষ থেকে একটি কমিটি গঠন করা হয়েছে যা আগামী সপ্তাহে প্রতিবেদন জমা দেবে।
রাজধানীর বিভিন্ন এলাকায় বৃহস্পতিবার সকাল থেকে বিকেল পর্যন্ত দফায় দফায় বৃষ্টি হয়েছে। আবহাওয়া অধিদপ্তর জানিয়েছে আগামী কয়েক দিন সারা দেশে বৃষ্টিপাতের প্রবণতা অব্যাহত থাকতে পারে। সংশ্লিষ্ট কর্মকর্তারা জানান পরিস্থিতি পর্যবেক্ষণ করা হচ্ছে এবং প্রয়োজনীয় ব্যবস্থা নেওয়া হবে। স্থানীয় বাসিন্দারা বলেন সমস্যার দ্রুত সমাধান চান তারা। এ বিষয়ে মন্ত্রণালয়ের পক্ষ থেকে একটি কমিটি গঠন করা হয়েছে যা আগামী সপ্তাহে প্রতিবেদন জমা দেবে।
রাজধানীতে তিনজনের আত্মহনিক মৃত্যু
নিজস্ব প্রতিবেদক
রাজধানীর বিভিন্ন এলাকায় বৃহস্পতিবার সকাল থেকে বিকেল পর্যন্ত দফায় দফায় বৃষ্টি হয়েছে। আবহাওয়া অধিদপ্তর জানিয়েছে আগামী কয়েক দিন সারা দেশে বৃষ্টিপাতের প্রবণতা অব্যাহত থাকতে পারে। সংশ্লিষ্ট কর্মকর্তারা জানান পরিস্থিতি পর্যবেক্ষণ করা হচ্ছে এবং প্রয়োজনীয় ব্যবস্থা নেওয়া হবে। স্থানীয় বাসিন্দারা বলেন সমস্যার দ্রুত সমাধান চান তারা। এ বিষয়ে মন্ত্রণালয়ের পক্ষ থেকে একটি কমিটি গঠন করা হয়েছে যা আগামী সপ্তাহে প্রতিবেদন জমা দেবে।
ভারতে সিলেটের যুবক নিহত গণপিটুনিতে
নিজস্ব প্রতিবেদক
রাজধানীর বিভিন্ন এলাকায় বৃহস্পতিবার সকাল থেকে বিকেল পর্যন্ত দফায় দফায় বৃষ্টি হয়েছে। আবহাওয়া অধিদপ্তর জানিয়েছে আগামী কয়েক দিন সারা দেশে বৃষ্টিপাতের প্রবণতা অব্যাহত থাকতে পারে। সংশ্লিষ্ট কর্মকর্তারা জানান পরিস্থিতি পর্যবেক্ষণ করা হচ্ছে এবং প্রয়োজনীয় ব্যবস্থা নেওয়া হবে। স্থানীয় বাসিন্দারা বলেন সমস্যার দ্রুত সমাধান চান তারা। এ বিষয়ে মন্ত্রণালয়ের পক্ষ থেকে একটি কমিটি গঠন করা হয়েছে যা আগামী সপ্তাহে প্রতিবেদন জমা দেবে।
রাজধানীর বিভিন্ন এলাকায় বৃহস্পতিবার সকাল থেকে বিকেল পর্যন্ত দফায় দফায় বৃষ্টি হয়েছে। আবহাওয়া অধিদপ্তর জানিয়েছে আগামী কয়েক দিন সারা দেশে বৃষ্টিপাতের প্রবণতা অব্যাহত থাকতে পারে। সংশ্লিষ্ট কর্মকর্তারা জানান পরিস্থিতি পর্যবেক্ষণ করা হচ্ছে এবং প্রয়োজনীয় ব্যবস্থা নেওয়া হবে। স্থানীয় বাসিন্দারা বলেন সমস্যার দ্রুত সমাধান চান তারা। এ বিষয়ে মন্ত্রণালয়ের পক্ষ থেকে একটি কমিটি গঠন করা হয়েছে যা আগামী সপ্তাহে প্রতিবেদন জমা দেবে।
ক্রেডিট প্রয়োজন
রাজধানীর বিভিন্ন এলাকায় বৃহস্পতিবার সকাল থেকে বিকেল পর্যন্ত দফায় দফায় বৃষ্টি হয়েছে। আবহাওয়া অধিদপ্তর জানিয়েছে আগামী কয়েক দিন সারা দেশে বৃষ্টিপাতের প্রবণতা অব্যাহত থাকতে পারে। সংশ্লিষ্ট কর্মকর্তারা জানান পরিস্থিতি পর্যবেক্ষণ করা হচ্ছে এবং প্রয়োজনীয় ব্যবস্থা নেওয়া হবে। স্থানীয় বাসিন্দারা বলেন সমস্যার দ্রুত সমাধান চান তারা। এ বিষয়ে মন্ত্রণালয়ের পক্ষ থেকে একটি কমিটি গঠন করা হয়েছে যা আগামী সপ্তাহে প্রতিবেদন জমা দেবে।
চুরি করে দিতে
রাজধানীর বিভিন্ন এলাকায় বৃহস্পতিবার সকাল থেকে বিকেল পর্যন্ত দফায় দফায় বৃষ্টি হয়েছে। আবহাওয়া অধিদপ্তর জানিয়েছে আগামী কয়েক দিন সারা দেশে বৃষ্টিপাতের প্রবণতা অব্যাহত থাকতে পারে। সংশ্লিষ্ট কর্মকর্তারা জানান পরিস্থিতি পর্যবেক্ষণ করা হচ্ছে এবং প্রয়োজনীয় ব্যবস্থা নেওয়া হবে। স্থানীয় বাসিন্দারা বলেন সমস্যার দ্রুত সমাধান চান তারা। এ বিষয়ে মন্ত্রণালয়ের পক্ষ থেকে একটি কমিটি গঠন করা হয়েছে যা আগামী সপ্তাহে প্রতিবেদন জমা দেবে।
রাজধানীর বিভিন্ন এলাকায় বৃহস্পতিবার সকাল থেকে বিকেল পর্যন্ত দফায় দফায় বৃষ্টি হয়েছে। আবহাওয়া অধিদপ্তর জানিয়েছে আগামী কয়েক দিন সারা দেশে বৃষ্টিপাতের প্রবণতা অব্যাহত থাকতে পারে। সংশ্লিষ্ট কর্মকর্তারা জানান পরিস্থিতি পর্যবেক্ষণ করা হচ্ছে এবং প্রয়োজনীয় ব্যবস্থা নেওয়া হবে। স্থানীয় বাসিন্দারা বলেন সমস্যার দ্রুত সমাধান চান তারা। এ বিষয়ে মন্ত্রণালয়ের পক্ষ থেকে একটি কমিটি গঠন করা হয়েছে যা আগামী সপ্তাহে প্রতিবেদন জমা দেবে।
সাতকে অপহৃত
রাজধানীর বিভিন্ন এলাকায় বৃহস্পতিবার সকাল থেকে বিকেল পর্যন্ত দফায় দফায় বৃষ্টি হয়েছে। আবহাওয়া অধিদপ্তর জানিয়েছে আগামী কয়েক দিন সারা দেশে বৃষ্টিপাতের প্রবণতা অব্যাহত থাকতে পারে। সংশ্লিষ্ট কর্মকর্তারা জানান পরিস্থিতি পর্যবেক্ষণ করা হচ্ছে এবং প্রয়োজনীয় ব্যবস্থা নেওয়া হবে। স্থানীয় বাসিন্দারা বলেন সমস্যার দ্রুত সমাধান চান তারা। এ বিষয়ে মন্ত্রণালয়ের পক্ষ থেকে একটি কমিটি গঠন করা হয়েছে যা আগামী সপ্তাহে প্রতিবেদন জমা দেবে।
রাজধানীর বিভিন্ন এলাকায় বৃহস্পতিবার সকাল থেকে বিকেল পর্যন্ত দফায় দফায় বৃষ্টি হয়েছে। আবহাওয়া অধিদপ্তর জানিয়েছে আগামী কয়েক দিন সারা দেশে বৃষ্টিপাতের প্রবণতা অব্যাহত থাকতে পারে। সংশ্লিষ্ট কর্মকর্তারা জানান পরিস্থিতি পর্যবেক্ষণ করা হচ্ছে এবং প্রয়োজনীয় ব্যবস্থা নেওয়া হবে। স্থানীয় বাসিন্দারা বলেন সমস্যার দ্রুত সমাধান চান তারা। এ বিষয়ে মন্ত্রণালয়ের পক্ষ থেকে একটি কমিটি গঠন করা হয়েছে যা আগামী সপ্তাহে প্রতিবেদন জমা দেবে।
